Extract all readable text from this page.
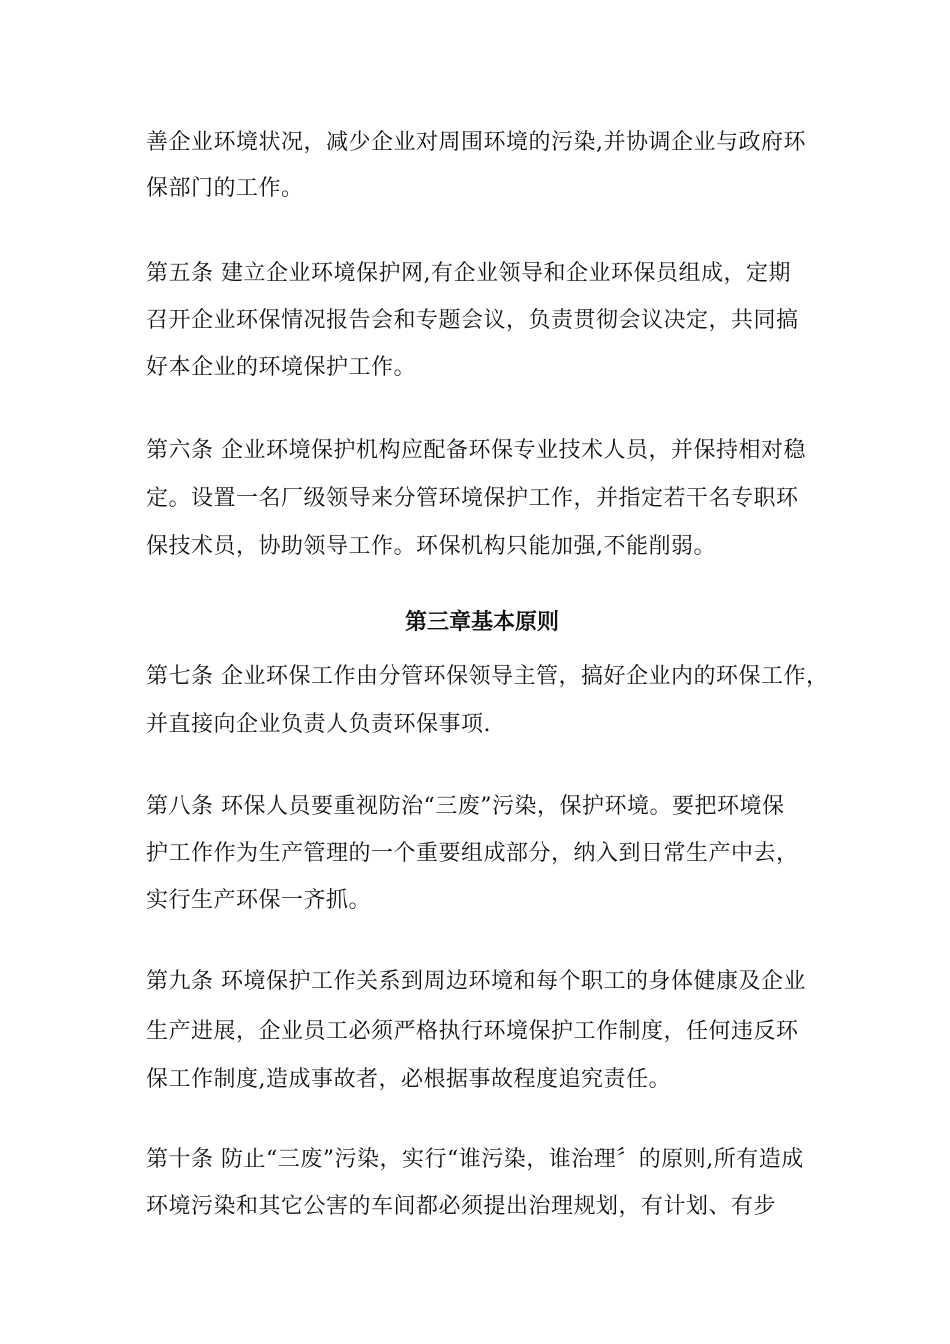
善企业环境状况，减少企业对周围环境的污染,并协调企业与政府环
保部门的工作。
第五条 建立企业环境保护网,有企业领导和企业环保员组成，定期
召开企业环保情况报告会和专题会议，负责贯彻会议决定，共同搞
好本企业的环境保护工作。
第六条 企业环境保护机构应配备环保专业技术人员，并保持相对稳
定。设置一名厂级领导来分管环境保护工作，并指定若干名专职环
保技术员，协助领导工作。环保机构只能加强,不能削弱。
第三章基本原则
第七条 企业环保工作由分管环保领导主管，搞好企业内的环保工作，
并直接向企业负责人负责环保事项.
第八条 环保人员要重视防治“三废”污染，保护环境。要把环境保
护工作作为生产管理的一个重要组成部分，纳入到日常生产中去，
实行生产环保一齐抓。
第九条 环境保护工作关系到周边环境和每个职工的身体健康及企业
生产进展，企业员工必须严格执行环境保护工作制度，任何违反环
保工作制度,造成事故者，必根据事故程度追究责任。
第十条 防止“三废”污染，实行“谁污染，谁治理〞的原则,所有造成
环境污染和其它公害的车间都必须提出治理规划，有计划、有步
